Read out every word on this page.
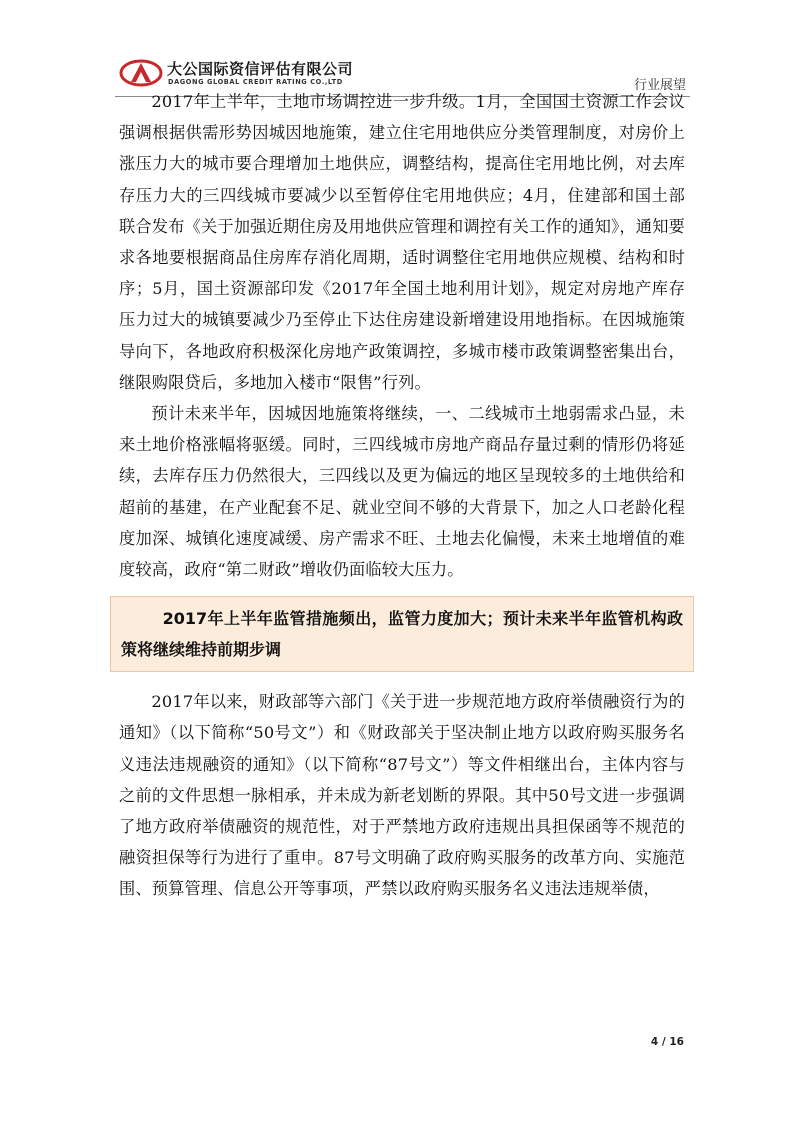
大公国际资信评估有限公司
DAGONG GLOBAL CREDIT RATING CO.,LTD	行业展望

2017年上半年，土地市场调控进一步升级。1月，全国国土资源工作会议强调根据供需形势因城因地施策，建立住宅用地供应分类管理制度，对房价上涨压力大的城市要合理增加土地供应，调整结构，提高住宅用地比例，对去库存压力大的三四线城市要减少以至暂停住宅用地供应；4月，住建部和国土部联合发布《关于加强近期住房及用地供应管理和调控有关工作的通知》，通知要求各地要根据商品住房库存消化周期，适时调整住宅用地供应规模、结构和时序；5月，国土资源部印发《2017年全国土地利用计划》，规定对房地产库存压力过大的城镇要减少乃至停止下达住房建设新增建设用地指标。在因城施策导向下，各地政府积极深化房地产政策调控，多城市楼市政策调整密集出台，继限购限贷后，多地加入楼市“限售”行列。

预计未来半年，因城因地施策将继续，一、二线城市土地弱需求凸显，未来土地价格涨幅将驱缓。同时，三四线城市房地产商品存量过剩的情形仍将延续，去库存压力仍然很大，三四线以及更为偏远的地区呈现较多的土地供给和超前的基建，在产业配套不足、就业空间不够的大背景下，加之人口老龄化程度加深、城镇化速度减缓、房产需求不旺、土地去化偏慢，未来土地增值的难度较高，政府“第二财政”增收仍面临较大压力。

2017年上半年监管措施频出，监管力度加大；预计未来半年监管机构政策将继续维持前期步调

2017年以来，财政部等六部门《关于进一步规范地方政府举债融资行为的通知》（以下简称“50号文”）和《财政部关于坚决制止地方以政府购买服务名义违法违规融资的通知》（以下简称“87号文”）等文件相继出台，主体内容与之前的文件思想一脉相承，并未成为新老划断的界限。其中50号文进一步强调了地方政府举债融资的规范性，对于严禁地方政府违规出具担保函等不规范的融资担保等行为进行了重申。87号文明确了政府购买服务的改革方向、实施范围、预算管理、信息公开等事项，严禁以政府购买服务名义违法违规举债，

4 / 16
